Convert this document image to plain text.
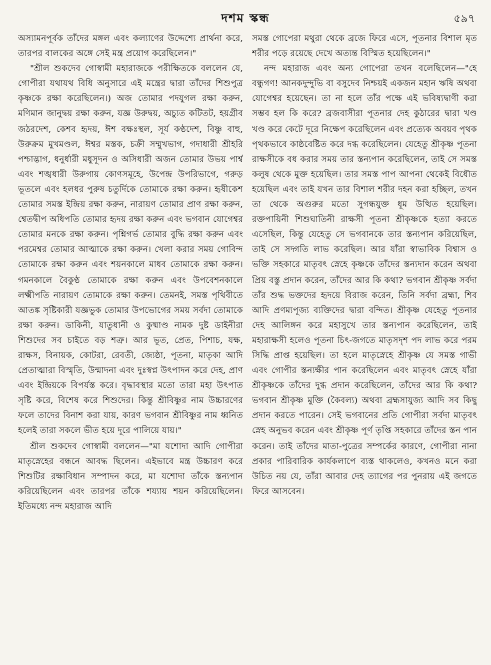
দশম স্কন্ধ	৫৯৭

অস্যামনপূর্বক তাঁদের মঙ্গল এবং কল্যাণের উদ্দেশ্যে প্রার্থনা করে, তারপর বালকের অঙ্গে সেই মন্ত্র প্রয়োগ করেছিলেন।"

"শ্রীল শুকদেব গোস্বামী মহারাজকে পরীক্ষিতকে বললেন যে, গোপীরা যথাযথ বিধি অনুসারে এই মন্ত্রের দ্বারা তাঁদের শিশুপুত্র কৃষ্ণকে রক্ষা করেছিলেন।) অজ তোমার পদযুগল রক্ষা করুন, মণিমান জানুদ্বয় রক্ষা করুন, যজ্ঞ উরুদ্বয়, অচ্যুত কটিতট, হয়গ্রীব জঠরদেশ, কেশব হৃদয়, ঈশ বক্ষঃস্থল, সূর্য কণ্ঠদেশ, বিষ্ণু বাহু, উরুক্রম মুখমণ্ডল, ঈশ্বর মস্তক, চক্রী সম্মুখভাগ, গদাধারী শ্রীহরি পশ্চাদ্ভাগ, ধনুর্ধারী মধুসূদন ও অসিধারী অজন তোমার উভয় পার্শ্ব এবং শঙ্খধারী উরুগায় কোণসমূহে, উপেন্দ্র উপরিভাগে, গরুড় ভূতলে এবং হলধর পুরুষ চতুর্দিকে তোমাকে রক্ষা করুন। হৃষীকেশ তোমার সমস্ত ইন্দ্রিয় রক্ষা করুন, নারায়ণ তোমার প্রাণ রক্ষা করুন, শ্বেতদ্বীপ অধিপতি তোমার হৃদয় রক্ষা করুন এবং ভগবান যোগেশ্বর তোমার মনকে রক্ষা করুন। পৃশ্নিগর্ভ তোমার বুদ্ধি রক্ষা করুন এবং পরমেশ্বর তোমার আত্মাকে রক্ষা করুন। খেলা করার সময় গোবিন্দ তোমাকে রক্ষা করুন এবং শয়নকালে মাধব তোমাকে রক্ষা করুন। গমনকালে বৈকুণ্ঠ তোমাকে রক্ষা করুন এবং উপবেশনকালে লক্ষ্মীপতি নারায়ণ তোমাকে রক্ষা করুন। তেমনই, সমস্ত পৃথিবীতে আতঙ্ক সৃষ্টিকারী যজ্ঞভুক তোমার উপভোগের সময় সর্বদা তোমাকে রক্ষা করুন। ডাকিনী, যাতুধানী ও কুষ্মাণ্ড নামক দুষ্ট ডাইনীরা শিশুদের সব চাইতে বড় শত্রু। আর ভূত, প্রেত, পিশাচ, যক্ষ, রাক্ষস, বিনায়ক, কোটরা, রেবতী, জ্যেষ্ঠা, পূতনা, মাতৃকা আদি প্রেতাত্মারা বিস্মৃতি, উন্মাদনা এবং দুঃস্বপ্ন উৎপাদন করে দেহ, প্রাণ এবং ইন্দ্রিয়কে বিপর্যস্ত করে। বৃদ্ধাবস্থার মতো তারা মহা উৎপাত সৃষ্টি করে, বিশেষ করে শিশুদের। কিন্তু শ্রীবিষ্ণুর নাম উচ্চারণের ফলে তাদের বিনাশ করা যায়, কারণ ভগবান শ্রীবিষ্ণুর নাম ধ্বনিত হলেই তারা সকলে ভীত হয়ে দূরে পালিয়ে যায়।"

শ্রীল শুকদেব গোস্বামী বললেন—"মা যশোদা আদি গোপীরা মাতৃস্নেহের বন্ধনে আবদ্ধ ছিলেন। এইভাবে মন্ত্র উচ্চারণ করে শিশুটির রক্ষাবিধান সম্পাদন করে, মা যশোদা তাঁকে স্তন্যপান করিয়েছিলেন এবং তারপর তাঁকে শয্যায় শয়ন করিয়েছিলেন। ইতিমধ্যে নন্দ মহারাজ আদি

সমস্ত গোপেরা মথুরা থেকে ব্রজে ফিরে এসে, পূতনার বিশাল মৃত শরীর পড়ে রয়েছে দেখে অত্যন্ত বিস্মিত হয়েছিলেন।"

নন্দ মহারাজ এবং অন্য গোপেরা তখন বলেছিলেন—"হে বন্ধুগণ! আনকদুন্দুভি বা বসুদেব নিশ্চয়ই একজন মহান ঋষি অথবা যোগেশ্বর হয়েছেন। তা না হলে তাঁর পক্ষে এই ভবিষ্যদ্বাণী করা সম্ভব হল কি করে? ব্রজবাসীরা পূতনার দেহ কুঠারের দ্বারা খণ্ড খণ্ড করে কেটে দূরে নিক্ষেপ করেছিলেন এবং প্রত্যেক অবয়ব পৃথক পৃথকভাবে কাষ্ঠবেষ্টিত করে দগ্ধ করেছিলেন। যেহেতু শ্রীকৃষ্ণ পূতনা রাক্ষসীকে বধ করার সময় তার স্তন্যপান করেছিলেন, তাই সে সমস্ত কলুষ থেকে মুক্ত হয়েছিল। তার সমস্ত পাপ আপনা থেকেই বিধৌত হয়েছিল এবং তাই যখন তার বিশাল শরীর দহন করা হচ্ছিল, তখন তা থেকে অগুরুর মতো সুগন্ধযুক্ত ধূম উত্থিত হয়েছিল। রক্তপায়িনী শিশুঘাতিনী রাক্ষসী পূতনা শ্রীকৃষ্ণকে হত্যা করতে এসেছিল, কিন্তু যেহেতু সে ভগবানকে তার স্তন্যপান করিয়েছিল, তাই সে সদ্গতি লাভ করেছিল। আর যাঁরা স্বাভাবিক বিশ্বাস ও ভক্তি সহকারে মাতৃবৎ স্নেহে কৃষ্ণকে তাঁদের স্তন্যদান করেন অথবা প্রিয় বস্তু প্রদান করেন, তাঁদের আর কি কথা? ভগবান শ্রীকৃষ্ণ সর্বদা তাঁর শুদ্ধ ভক্তদের হৃদয়ে বিরাজ করেন, তিনি সর্বদা ব্রহ্মা, শিব আদি প্রণম্যপূজ্য ব্যক্তিদের দ্বারা বন্দিত। শ্রীকৃষ্ণ যেহেতু পূতনার দেহ আলিঙ্গন করে মহাসুখে তার স্তন্যপান করেছিলেন, তাই মহারাক্ষসী হলেও পূতনা চিৎ-জগতে মাতৃসদৃশ পদ লাভ করে পরম সিদ্ধি প্রাপ্ত হয়েছিল। তা হলে মাতৃস্নেহে শ্রীকৃষ্ণ যে সমস্ত গাভী এবং গোপীর স্তন্যক্ষীর পান করেছিলেন এবং মাতৃবৎ স্নেহে যাঁরা শ্রীকৃষ্ণকে তাঁদের দুগ্ধ প্রদান করেছিলেন, তাঁদের আর কি কথা? ভগবান শ্রীকৃষ্ণ মুক্তি (কৈবল্য) অথবা ব্রহ্মসাযুজ্য আদি সব কিছু প্রদান করতে পারেন। সেই ভগবানের প্রতি গোপীরা সর্বদা মাতৃবৎ স্নেহ অনুভব করেন এবং শ্রীকৃষ্ণ পূর্ণ তৃপ্তি সহকারে তাঁদের স্তন পান করেন। তাই তাঁদের মাতা-পুত্রের সম্পর্কের কারণে, গোপীরা নানা প্রকার পারিবারিক কার্যকলাপে ব্যস্ত থাকলেও, কখনও মনে করা উচিত নয় যে, তাঁরা আবার দেহ ত্যাগের পর পুনরায় এই জগতে ফিরে আসবেন।
